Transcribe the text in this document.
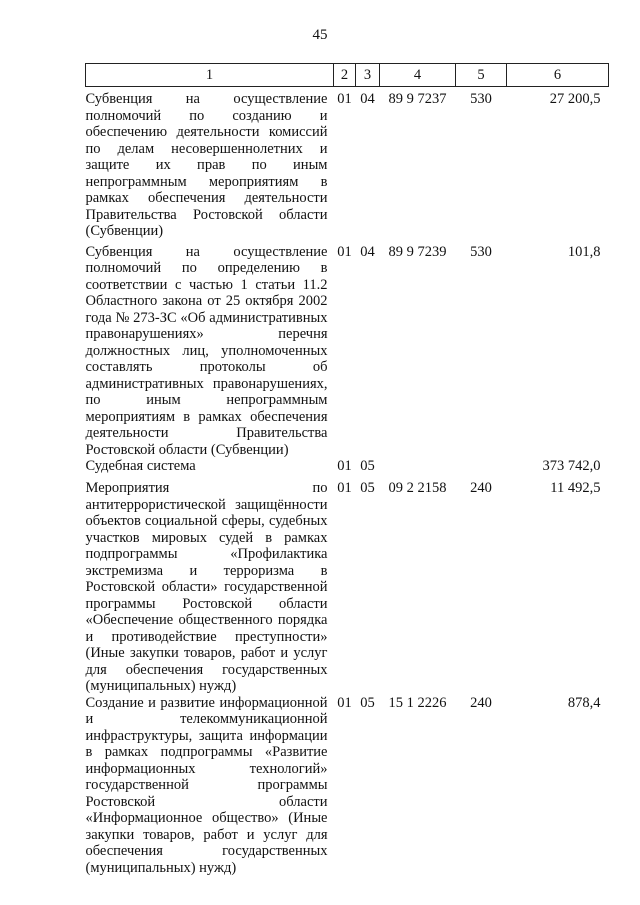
45
1	2	3	4	5	6
Субвенция на осуществление полномочий по созданию и обеспечению деятельности комиссий по делам несовершеннолетних и защите их прав по иным непрограммным мероприятиям в рамках обеспечения деятельности Правительства Ростовской области (Субвенции)	01	04	89 9 7237	530	27 200,5
Субвенция на осуществление полномочий по определению в соответствии с частью 1 статьи 11.2 Областного закона от 25 октября 2002 года № 273-ЗС «Об административных правонарушениях» перечня должностных лиц, уполномоченных составлять протоколы об административных правонарушениях, по иным непрограммным мероприятиям в рамках обеспечения деятельности Правительства Ростовской области (Субвенции)	01	04	89 9 7239	530	101,8
Судебная система	01	05			373 742,0
Мероприятия по антитеррористической защищённости объектов социальной сферы, судебных участков мировых судей в рамках подпрограммы «Профилактика экстремизма и терроризма в Ростовской области» государственной программы Ростовской области «Обеспечение общественного порядка и противодействие преступности» (Иные закупки товаров, работ и услуг для обеспечения государственных (муниципальных) нужд)	01	05	09 2 2158	240	11 492,5
Создание и развитие информационной и телекоммуникационной инфраструктуры, защита информации в рамках подпрограммы «Развитие информационных технологий» государственной программы Ростовской области «Информационное общество» (Иные закупки товаров, работ и услуг для обеспечения государственных (муниципальных) нужд)	01	05	15 1 2226	240	878,4
